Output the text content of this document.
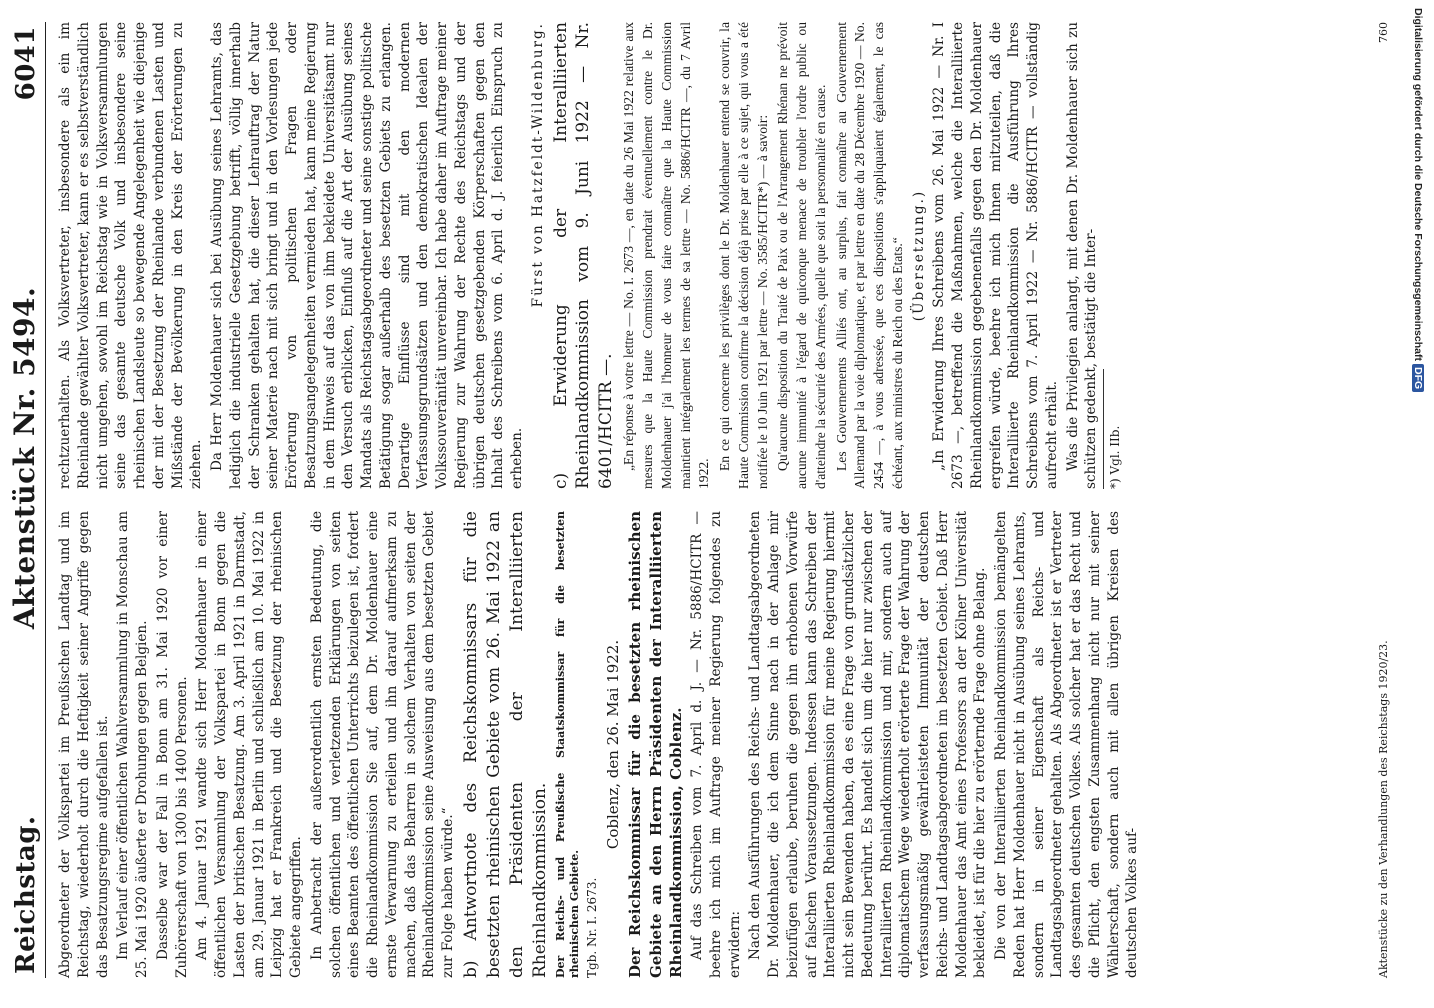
Reichstag.
Aktenstück Nr. 5494.
6041

Abgeordneter der Volkspartei im Preußischen Landtag und im Reichstag, wiederholt durch die Heftigkeit seiner Angriffe gegen das Besatzungsregime aufgefallen ist. Im Verlauf einer öffentlichen Wahlversammlung in Monschau am 25. Mai 1920 äußerte er Drohungen gegen Belgien. Dasselbe war der Fall in Bonn am 31. Mai 1920 vor einer Zuhörerschaft von 1300 bis 1400 Personen. Am 4. Januar 1921 wandte sich Herr Moldenhauer in einer öffentlichen Versammlung der Volkspartei in Bonn gegen die Lasten der britischen Besatzung. Am 3. April 1921 in Darmstadt, am 29. Januar 1921 in Berlin und schließlich am 10. Mai 1922 in Leipzig hat er Frankreich und die Besetzung der rheinischen Gebiete angegriffen. In Anbetracht der außerordentlich ernsten Bedeutung, die solchen öffentlichen und verletzenden Erklärungen von seiten eines Beamten des öffentlichen Unterrichts beizulegen ist, fordert die Rheinlandkommission Sie auf, dem Dr. Moldenhauer eine ernste Verwarnung zu erteilen und ihn darauf aufmerksam zu machen, daß das Beharren in solchem Verhalten von seiten der Rheinlandkommission seine Ausweisung aus dem besetzten Gebiet zur Folge haben würde.“ b) Antwortnote des Reichskommissars für die besetzten rheinischen Gebiete vom 26. Mai 1922 an den Präsidenten der Interalliierten Rheinlandkommission. Der Reichs- und Preußische Staatskommissar für die besetzten rheinischen Gebiete. Tgb. Nr. I. 2673.

Coblenz, den 26. Mai 1922. Der Reichskommissar für die besetzten rheinischen Gebiete an den Herrn Präsidenten der Interalliierten Rheinlandkommission, Coblenz. Auf das Schreiben vom 7. April d. J. — Nr. 5886/HCITR — beehre ich mich im Auftrage meiner Regierung folgendes zu erwidern: Nach den Ausführungen des Reichs- und Landtagsabgeordneten Dr. Moldenhauer, die ich dem Sinne nach in der Anlage mir beizufügen erlaube, beruhen die gegen ihn erhobenen Vorwürfe auf falschen Voraussetzungen. Indessen kann das Schreiben der Interalliierten Rheinlandkommission für meine Regierung hiermit nicht sein Bewenden haben, da es eine Frage von grundsätzlicher Bedeutung berührt. Es handelt sich um die hier nur zwischen der Interalliierten Rheinlandkommission und mir, sondern auch auf diplomatischem Wege wiederholt erörterte Frage der Wahrung der verfassungsmäßig gewährleisteten Immunität der deutschen Reichs- und Landtagsabgeordneten im besetzten Gebiet. Daß Herr Moldenhauer das Amt eines Professors an der Kölner Universität bekleidet, ist für die hier zu erörternde Frage ohne Belang. Die von der Interalliierten Rheinlandkommission bemängelten Reden hat Herr Moldenhauer nicht in Ausübung seines Lehramts, sondern in seiner Eigenschaft als Reichs- und Landtagsabgeordneter gehalten. Als Abgeordneter ist er Vertreter des gesamten deutschen Volkes. Als solcher hat er das Recht und die Pflicht, den engsten Zusammenhang nicht nur mit seiner Wählerschaft, sondern auch mit allen übrigen Kreisen des deutschen Volkes auf-

rechtzuerhalten. Als Volksvertreter, insbesondere als ein im Rheinlande gewählter Volksvertreter, kann er es selbstverständlich nicht umgehen, sowohl im Reichstag wie in Volksversammlungen seine das gesamte deutsche Volk und insbesondere seine rheinischen Landsleute so bewegende Angelegenheit wie diejenige der mit der Besetzung der Rheinlande verbundenen Lasten und Mißstände der Bevölkerung in den Kreis der Erörterungen zu ziehen. Da Herr Moldenhauer sich bei Ausübung seines Lehramts, das lediglich die industrielle Gesetzgebung betrifft, völlig innerhalb der Schranken gehalten hat, die dieser Lehrauftrag der Natur seiner Materie nach mit sich bringt und in den Vorlesungen jede Erörterung von politischen Fragen oder Besatzungsangelegenheiten vermieden hat, kann meine Regierung in dem Hinweis auf das von ihm bekleidete Universitätsamt nur den Versuch erblicken, Einfluß auf die Art der Ausübung seines Mandats als Reichstagsabgeordneter und seine sonstige politische Betätigung sogar außerhalb des besetzten Gebiets zu erlangen. Derartige Einflüsse sind mit den modernen Verfassungsgrundsätzen und den demokratischen Idealen der Volkssouveränität unvereinbar. Ich habe daher im Auftrage meiner Regierung zur Wahrung der Rechte des Reichstags und der übrigen deutschen gesetzgebenden Körperschaften gegen den Inhalt des Schreibens vom 6. April d. J. feierlich Einspruch zu erheben.

Fürst von Hatzfeldt-Wildenburg. c) Erwiderung der Interalliierten Rheinlandkommission vom 9. Juni 1922 — Nr. 6401/HCITR —. „En réponse à votre lettre — No. I. 2673 —, en date du 26 Mai 1922 relative aux mesures que la Haute Commission prendrait éventuellement contre le Dr. Moldenhauer j'ai l'honneur de vous faire connaître que la Haute Commission maintient intégralement les termes de sa lettre — No. 5886/HCITR —, du 7 Avril 1922.

En ce qui concerne les privilèges dont le Dr. Moldenhauer entend se couvrir, la Haute Commission confirme la décision déjà prise par elle à ce sujet, qui vous a été notifiée le 10 Juin 1921 par lettre — No. 3585/HCITR*) — à savoir: Qu'aucune disposition du Traité de Paix ou de l'Arrangement Rhénan ne prévoit aucune immunité à l'égard de quiconque menace de troubler l'ordre public ou d'atteindre la sécurité des Armées, quelle que soit la personnalité en cause. Les Gouvernements Alliés ont, au surplus, fait connaître au Gouvernement Allemand par la voie diplomatique, et par lettre en date du 28 Décembre 1920 — No. 2454 —, à vous adressée, que ces dispositions s'appliquaient également, le cas échéant, aux ministres du Reich ou des Etats.“ (Übersetzung.) „In Erwiderung Ihres Schreibens vom 26. Mai 1922 — Nr. I 2673 —, betreffend die Maßnahmen, welche die Interalliierte Rheinlandkommission gegebenenfalls gegen den Dr. Moldenhauer ergreifen würde, beehre ich mich Ihnen mitzuteilen, daß die Interalliierte Rheinlandkommission die Ausführung Ihres Schreibens vom 7. April 1922 — Nr. 5886/HCITR — vollständig aufrecht erhält. Was die Privilegien anlangt, mit denen Dr. Moldenhauer sich zu schützen gedenkt, bestätigt die Inter- *) Vgl. IIb.

Aktenstücke zu den Verhandlungen des Reichstags 1920/23.
760 Digitalisierung gefördert durch die Deutsche ForschungsgemeinschaftDFG
